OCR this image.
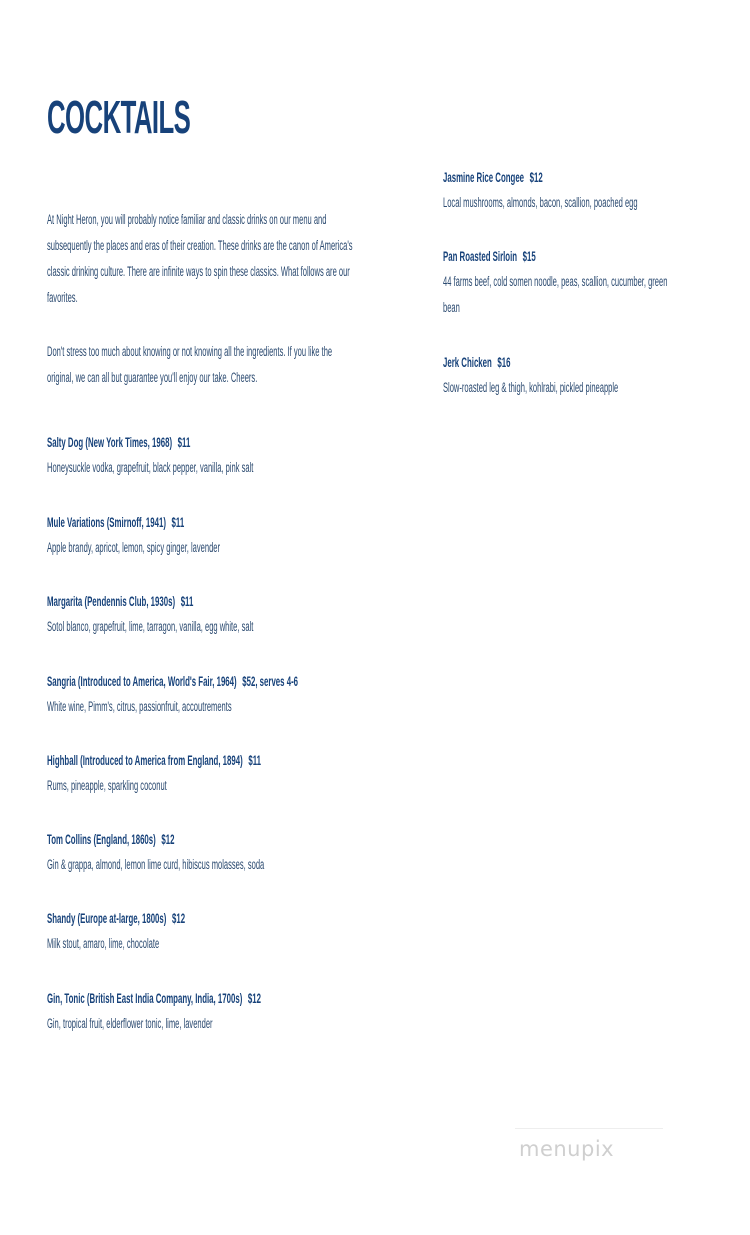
COCKTAILS

At Night Heron, you will probably notice familiar and classic drinks on our menu and subsequently the places and eras of their creation. These drinks are the canon of America's classic drinking culture. There are infinite ways to spin these classics. What follows are our favorites.

Don't stress too much about knowing or not knowing all the ingredients. If you like the original, we can all but guarantee you'll enjoy our take. Cheers.

Jasmine Rice Congee $12
Local mushrooms, almonds, bacon, scallion, poached egg
Pan Roasted Sirloin $15
44 farms beef, cold somen noodle, peas, scallion, cucumber, green bean
Jerk Chicken $16
Slow-roasted leg & thigh, kohlrabi, pickled pineapple
Salty Dog (New York Times, 1968) $11
Honeysuckle vodka, grapefruit, black pepper, vanilla, pink salt
Mule Variations (Smirnoff, 1941) $11
Apple brandy, apricot, lemon, spicy ginger, lavender
Margarita (Pendennis Club, 1930s) $11
Sotol blanco, grapefruit, lime, tarragon, vanilla, egg white, salt
Sangria (Introduced to America, World's Fair, 1964) $52, serves 4-6
White wine, Pimm's, citrus, passionfruit, accoutrements
Highball (Introduced to America from England, 1894) $11
Rums, pineapple, sparkling coconut
Tom Collins (England, 1860s) $12
Gin & grappa, almond, lemon lime curd, hibiscus molasses, soda
Shandy (Europe at-large, 1800s) $12
Milk stout, amaro, lime, chocolate
Gin, Tonic (British East India Company, India, 1700s) $12
Gin, tropical fruit, elderflower tonic, lime, lavender
menupix
